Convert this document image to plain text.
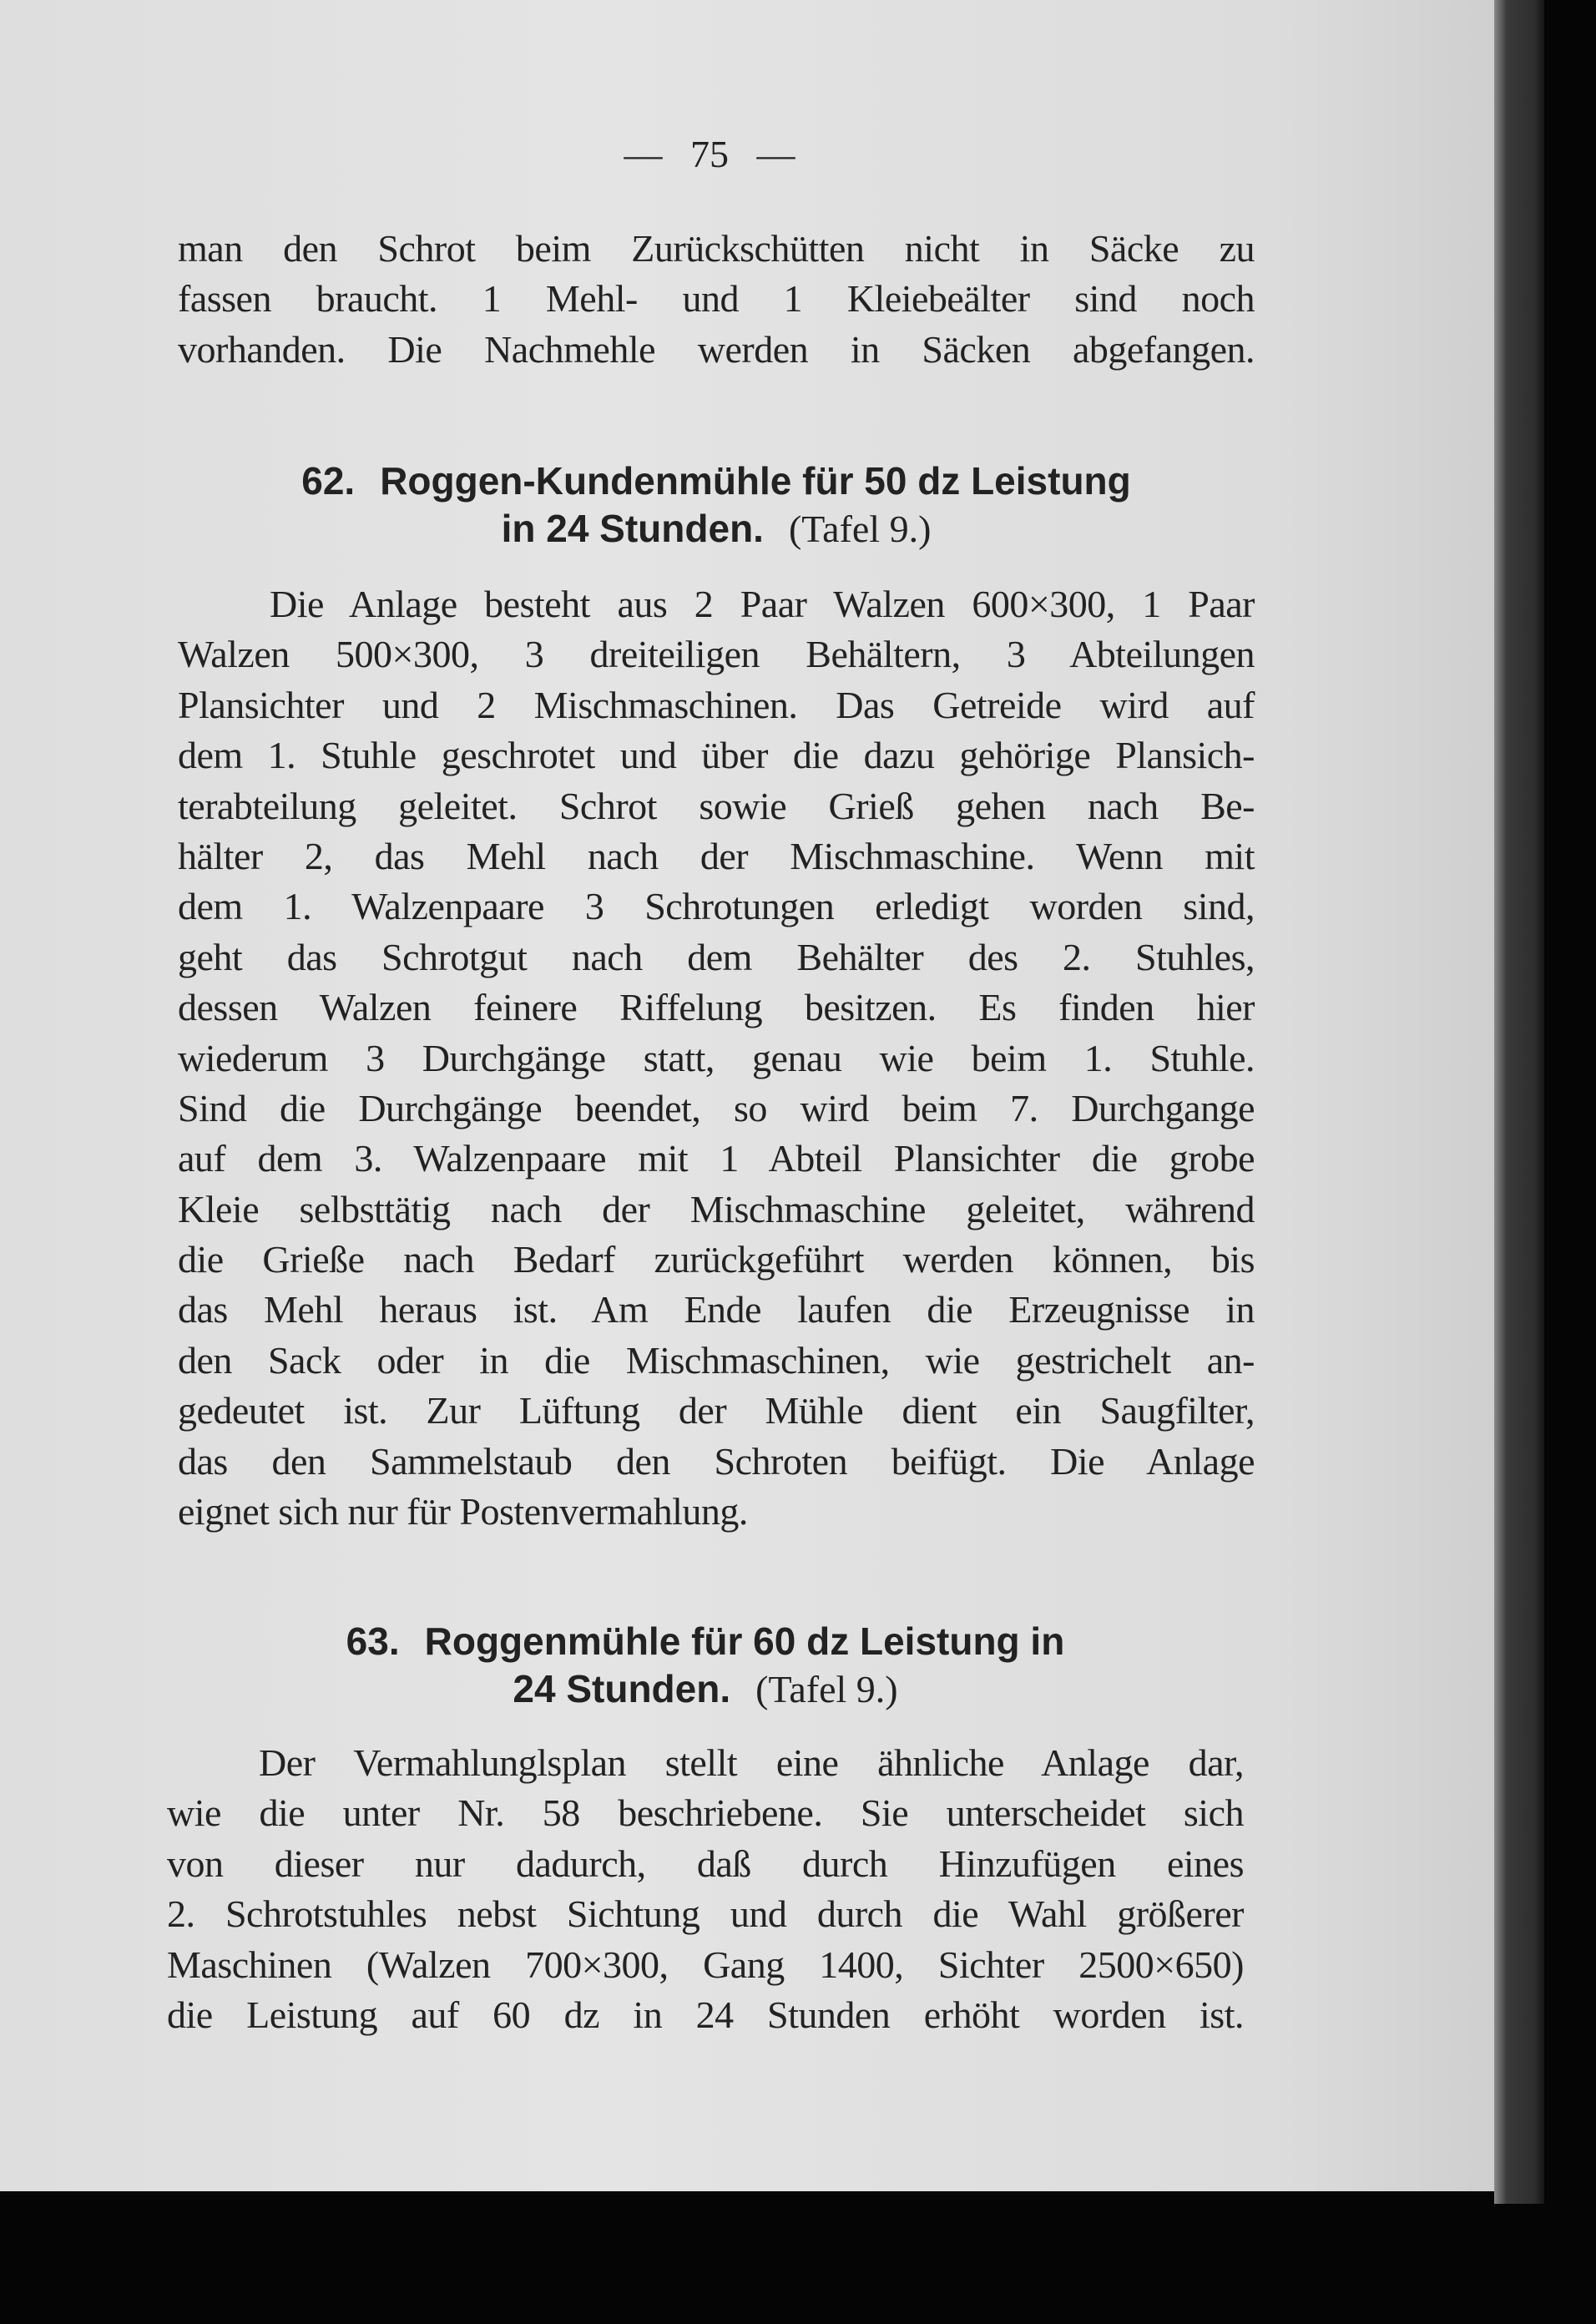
— 75 —
man den Schrot beim Zurückschütten nicht in Säcke zu
fassen braucht. 1 Mehl- und 1 Kleiebeälter sind noch
vorhanden. Die Nachmehle werden in Säcken abgefangen.
62. Roggen-Kundenmühle für 50 dz Leistung
in 24 Stunden. (Tafel 9.)
Die Anlage besteht aus 2 Paar Walzen 600×300, 1 Paar
Walzen 500×300, 3 dreiteiligen Behältern, 3 Abteilungen
Plansichter und 2 Mischmaschinen. Das Getreide wird auf
dem 1. Stuhle geschrotet und über die dazu gehörige Plansich-
terabteilung geleitet. Schrot sowie Grieß gehen nach Be-
hälter 2, das Mehl nach der Mischmaschine. Wenn mit
dem 1. Walzenpaare 3 Schrotungen erledigt worden sind,
geht das Schrotgut nach dem Behälter des 2. Stuhles,
dessen Walzen feinere Riffelung besitzen. Es finden hier
wiederum 3 Durchgänge statt, genau wie beim 1. Stuhle.
Sind die Durchgänge beendet, so wird beim 7. Durchgange
auf dem 3. Walzenpaare mit 1 Abteil Plansichter die grobe
Kleie selbsttätig nach der Mischmaschine geleitet, während
die Grieße nach Bedarf zurückgeführt werden können, bis
das Mehl heraus ist. Am Ende laufen die Erzeugnisse in
den Sack oder in die Mischmaschinen, wie gestrichelt an-
gedeutet ist. Zur Lüftung der Mühle dient ein Saugfilter,
das den Sammelstaub den Schroten beifügt. Die Anlage
eignet sich nur für Postenvermahlung.
63. Roggenmühle für 60 dz Leistung in
24 Stunden. (Tafel 9.)
Der Vermahlunglsplan stellt eine ähnliche Anlage dar,
wie die unter Nr. 58 beschriebene. Sie unterscheidet sich
von dieser nur dadurch, daß durch Hinzufügen eines
2. Schrotstuhles nebst Sichtung und durch die Wahl größerer
Maschinen (Walzen 700×300, Gang 1400, Sichter 2500×650)
die Leistung auf 60 dz in 24 Stunden erhöht worden ist.
